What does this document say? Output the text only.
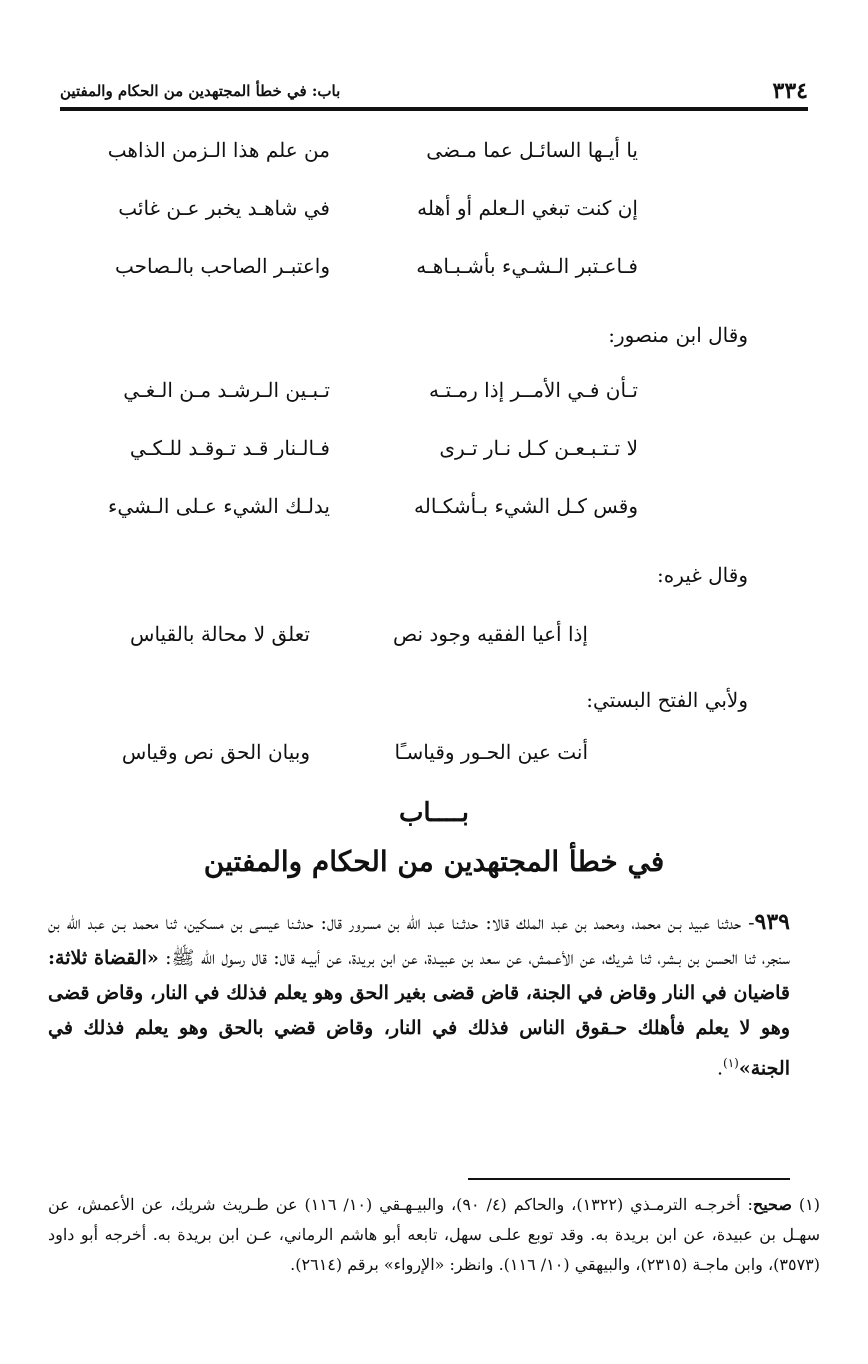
٣٣٤
باب: في خطأ المجتهدين من الحكام والمفتين
يا أيـها السائـل عما مـضى
من علم هذا الـزمن الذاهب
إن كنت تبغي الـعلم أو أهله
في شاهـد يخبر عـن غائب
فـاعـتبر الـشـيء بأشـبـاهـه
واعتبـر الصاحب بالـصاحب
وقال ابن منصور:
تـأن فـي الأمــر إذا رمـتـه
تـبـين الـرشـد مـن الـغـي
لا تـتـبـعـن كـل نـار تـرى
فـالـنار قـد تـوقـد للـكـي
وقس كـل الشيء بـأشكـاله
يدلـك الشيء عـلى الـشيء
وقال غيره:
إذا أعيا الفقيه وجود نص
تعلق لا محالة بالقياس
ولأبي الفتح البستي:
أنت عين الحـور وقياسـًا
وبيان الحق نص وقياس
بــــاب
في خطأ المجتهدين من الحكام والمفتين
٩٣٩- حدثنا عبيد بـن محمد، ومحمد بن عبد الملك قالا: حدثـنا عبد الله بن مسرور قال: حدثـنا عيسى بن مسكين، ثنا محمد بـن عبد الله بن سنجر، ثنا الحسن بن بـشر، ثنا شريك، عن الأعـمش، عن سعد بن عبيـدة، عن ابن بريدة، عن أبيـه قال: قال رسول الله ﷺ: «القضاة ثلاثة: قاضيان في النار وقاض في الجنة، قاض قضى بغير الحق وهو يعلم فذلك في النار، وقاض قضى وهو لا يعلم فأهلك حـقوق الناس فذلك في النار، وقاض قضي بالحق وهو يعلم فذلك في الجنة»$^{(١)}$.
(١) صحيح: أخرجـه الترمـذي (١٣٢٢)، والحاكم (٤/ ٩٠)، والبيـهـقي (١٠/ ١١٦) عن طـريث شريك، عن الأعمش، عن سهـل بن عبيدة، عن ابن بريدة به. وقد توبع علـى سهل، تابعه أبو هاشم الرماني، عـن ابن بريدة به. أخرجه أبو داود (٣٥٧٣)، وابن ماجـة (٢٣١٥)، والبيهقي (١٠/ ١١٦). وانظر: «الإرواء» برقم (٢٦١٤).
